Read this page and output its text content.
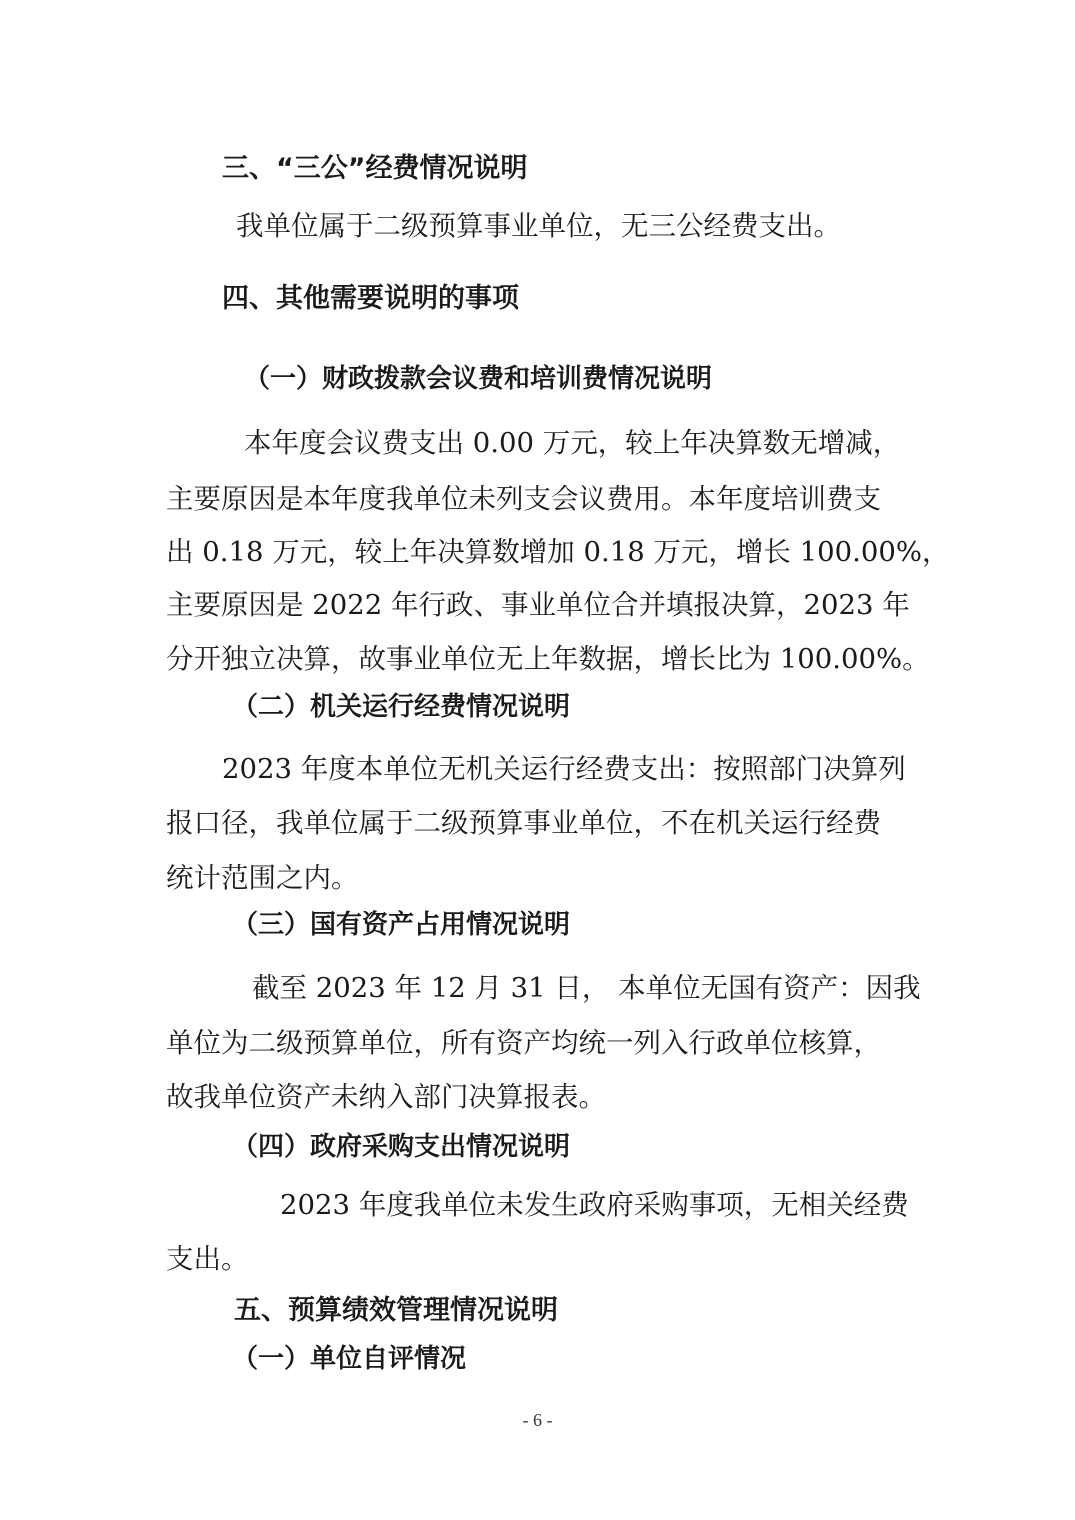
三、“三公”经费情况说明
我单位属于二级预算事业单位，无三公经费支出。
四、其他需要说明的事项
（一）财政拨款会议费和培训费情况说明
本年度会议费支出 0.00 万元，较上年决算数无增减，
主要原因是本年度我单位未列支会议费用。本年度培训费支
出 0.18 万元，较上年决算数增加 0.18 万元，增长 100.00%，
主要原因是 2022 年行政、事业单位合并填报决算，2023 年
分开独立决算，故事业单位无上年数据，增长比为 100.00%。
（二）机关运行经费情况说明
2023 年度本单位无机关运行经费支出：按照部门决算列
报口径，我单位属于二级预算事业单位，不在机关运行经费
统计范围之内。
（三）国有资产占用情况说明
截至 2023 年 12 月 31 日， 本单位无国有资产：因我
单位为二级预算单位，所有资产均统一列入行政单位核算，
故我单位资产未纳入部门决算报表。
（四）政府采购支出情况说明
2023 年度我单位未发生政府采购事项，无相关经费
支出。
五、预算绩效管理情况说明
（一）单位自评情况
- 6 -
